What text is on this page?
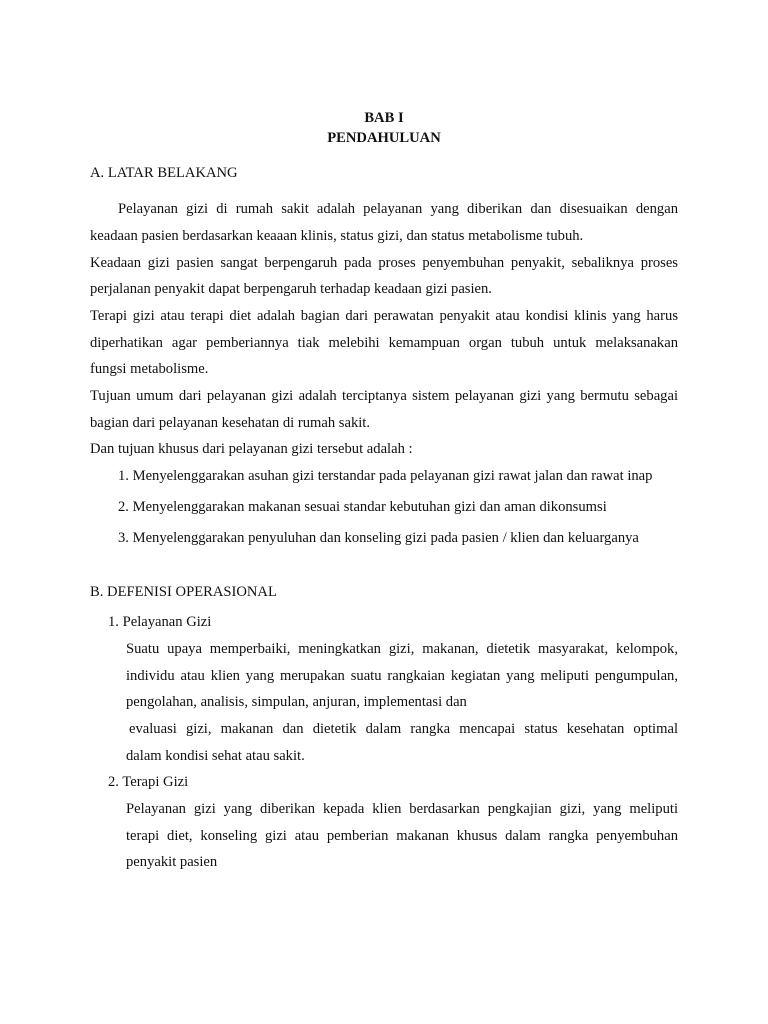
BAB I
PENDAHULUAN
A. LATAR BELAKANG
Pelayanan gizi di rumah sakit adalah pelayanan yang diberikan dan disesuaikan dengan
keadaan pasien berdasarkan keaaan klinis, status gizi, dan status metabolisme tubuh.
Keadaan gizi pasien sangat berpengaruh pada proses penyembuhan penyakit, sebaliknya proses
perjalanan penyakit dapat berpengaruh terhadap keadaan gizi pasien.
Terapi gizi atau terapi diet adalah bagian dari perawatan penyakit atau kondisi klinis yang harus
diperhatikan agar pemberiannya tiak melebihi kemampuan organ tubuh untuk melaksanakan
fungsi metabolisme.
Tujuan umum dari pelayanan gizi adalah terciptanya sistem pelayanan gizi yang bermutu sebagai
bagian dari pelayanan kesehatan di rumah sakit.
Dan tujuan khusus dari pelayanan gizi tersebut adalah :
1. Menyelenggarakan asuhan gizi terstandar pada pelayanan gizi rawat jalan dan rawat inap
2. Menyelenggarakan makanan sesuai standar kebutuhan gizi dan aman dikonsumsi
3. Menyelenggarakan penyuluhan dan konseling gizi pada pasien / klien dan keluarganya
B. DEFENISI OPERASIONAL
1. Pelayanan Gizi
Suatu upaya memperbaiki, meningkatkan gizi, makanan, dietetik masyarakat, kelompok,
individu atau klien yang merupakan suatu rangkaian kegiatan yang meliputi pengumpulan,
pengolahan, analisis, simpulan, anjuran, implementasi dan
evaluasi gizi, makanan dan dietetik dalam rangka mencapai status kesehatan optimal
dalam kondisi sehat atau sakit.
2. Terapi Gizi
Pelayanan gizi yang diberikan kepada klien berdasarkan pengkajian gizi, yang meliputi
terapi diet, konseling gizi atau pemberian makanan khusus dalam rangka penyembuhan
penyakit pasien
